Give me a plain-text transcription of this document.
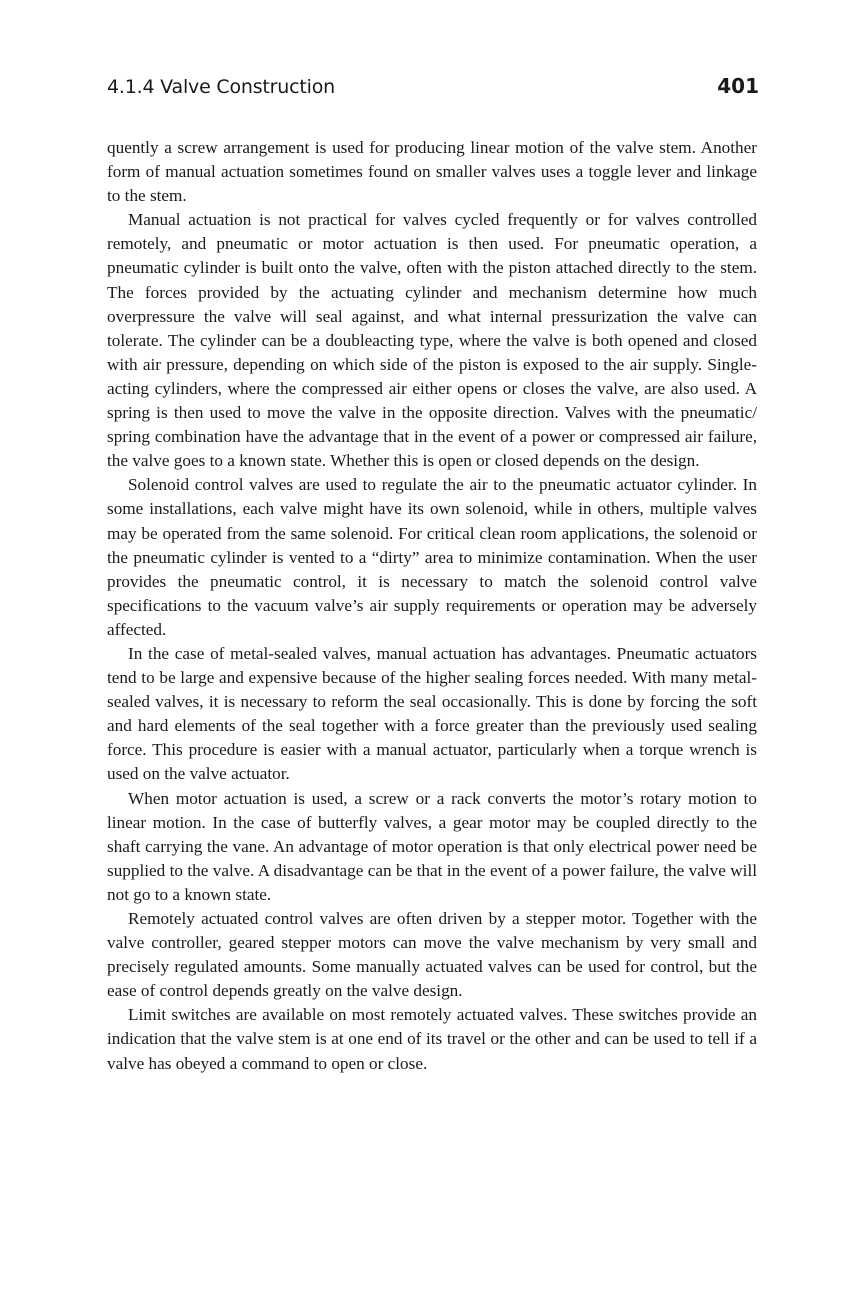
4.1.4 Valve Construction	401

quently a screw arrangement is used for producing linear motion of the valve stem. Another form of manual actuation sometimes found on smaller valves uses a toggle lever and linkage to the stem.

Manual actuation is not practical for valves cycled frequently or for valves controlled remotely, and pneumatic or motor actuation is then used. For pneumatic operation, a pneumatic cylinder is built onto the valve, often with the piston attached directly to the stem. The forces provided by the actuating cylinder and mechanism determine how much overpressure the valve will seal against, and what internal pressurization the valve can tolerate. The cylinder can be a doubleacting type, where the valve is both opened and closed with air pressure, depending on which side of the piston is exposed to the air supply. Single-acting cylinders, where the compressed air either opens or closes the valve, are also used. A spring is then used to move the valve in the opposite direction. Valves with the pneumatic/ spring combination have the advantage that in the event of a power or compressed air failure, the valve goes to a known state. Whether this is open or closed depends on the design.

Solenoid control valves are used to regulate the air to the pneumatic actuator cylinder. In some installations, each valve might have its own solenoid, while in others, multiple valves may be operated from the same solenoid. For critical clean room applications, the solenoid or the pneumatic cylinder is vented to a “dirty” area to minimize contamination. When the user provides the pneumatic control, it is necessary to match the solenoid control valve specifications to the vacuum valve’s air supply requirements or operation may be adversely affected.

In the case of metal-sealed valves, manual actuation has advantages. Pneumatic actuators tend to be large and expensive because of the higher sealing forces needed. With many metal-sealed valves, it is necessary to reform the seal occasionally. This is done by forcing the soft and hard elements of the seal together with a force greater than the previously used sealing force. This procedure is easier with a manual actuator, particularly when a torque wrench is used on the valve actuator.

When motor actuation is used, a screw or a rack converts the motor’s rotary motion to linear motion. In the case of butterfly valves, a gear motor may be coupled directly to the shaft carrying the vane. An advantage of motor operation is that only electrical power need be supplied to the valve. A disadvantage can be that in the event of a power failure, the valve will not go to a known state.

Remotely actuated control valves are often driven by a stepper motor. Together with the valve controller, geared stepper motors can move the valve mechanism by very small and precisely regulated amounts. Some manually actuated valves can be used for control, but the ease of control depends greatly on the valve design.

Limit switches are available on most remotely actuated valves. These switches provide an indication that the valve stem is at one end of its travel or the other and can be used to tell if a valve has obeyed a command to open or close.
